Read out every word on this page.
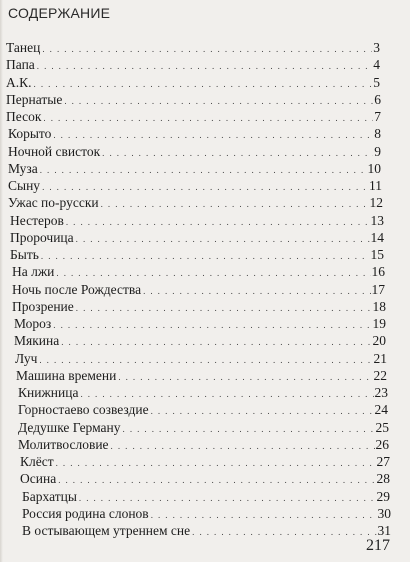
СОДЕРЖАНИЕ
Танец . . .	3
Папа . . .	4
А.К. . . .	5
Пернатые . . .	6
Песок . . .	7
Корыто . . .	8
Ночной свисток . . .	9
Муза . . .	10
Сыну . . .	11
Ужас по-русски . . .	12
Нестеров . . .	13
Пророчица . . .	14
Быть . . .	15
На лжи . . .	16
Ночь после Рождества . . .	17
Прозрение . . .	18
Мороз . . .	19
Мякина . . .	20
Луч . . .	21
Машина времени . . .	22
Книжница . . .	23
Горностаево созвездие . . .	24
Дедушке Герману . . .	25
Молитвословие . . .	26
Клёст . . .	27
Осина . . .	28
Бархатцы . . .	29
Россия родина слонов . . .	30
В остывающем утреннем сне . . .	31
217
